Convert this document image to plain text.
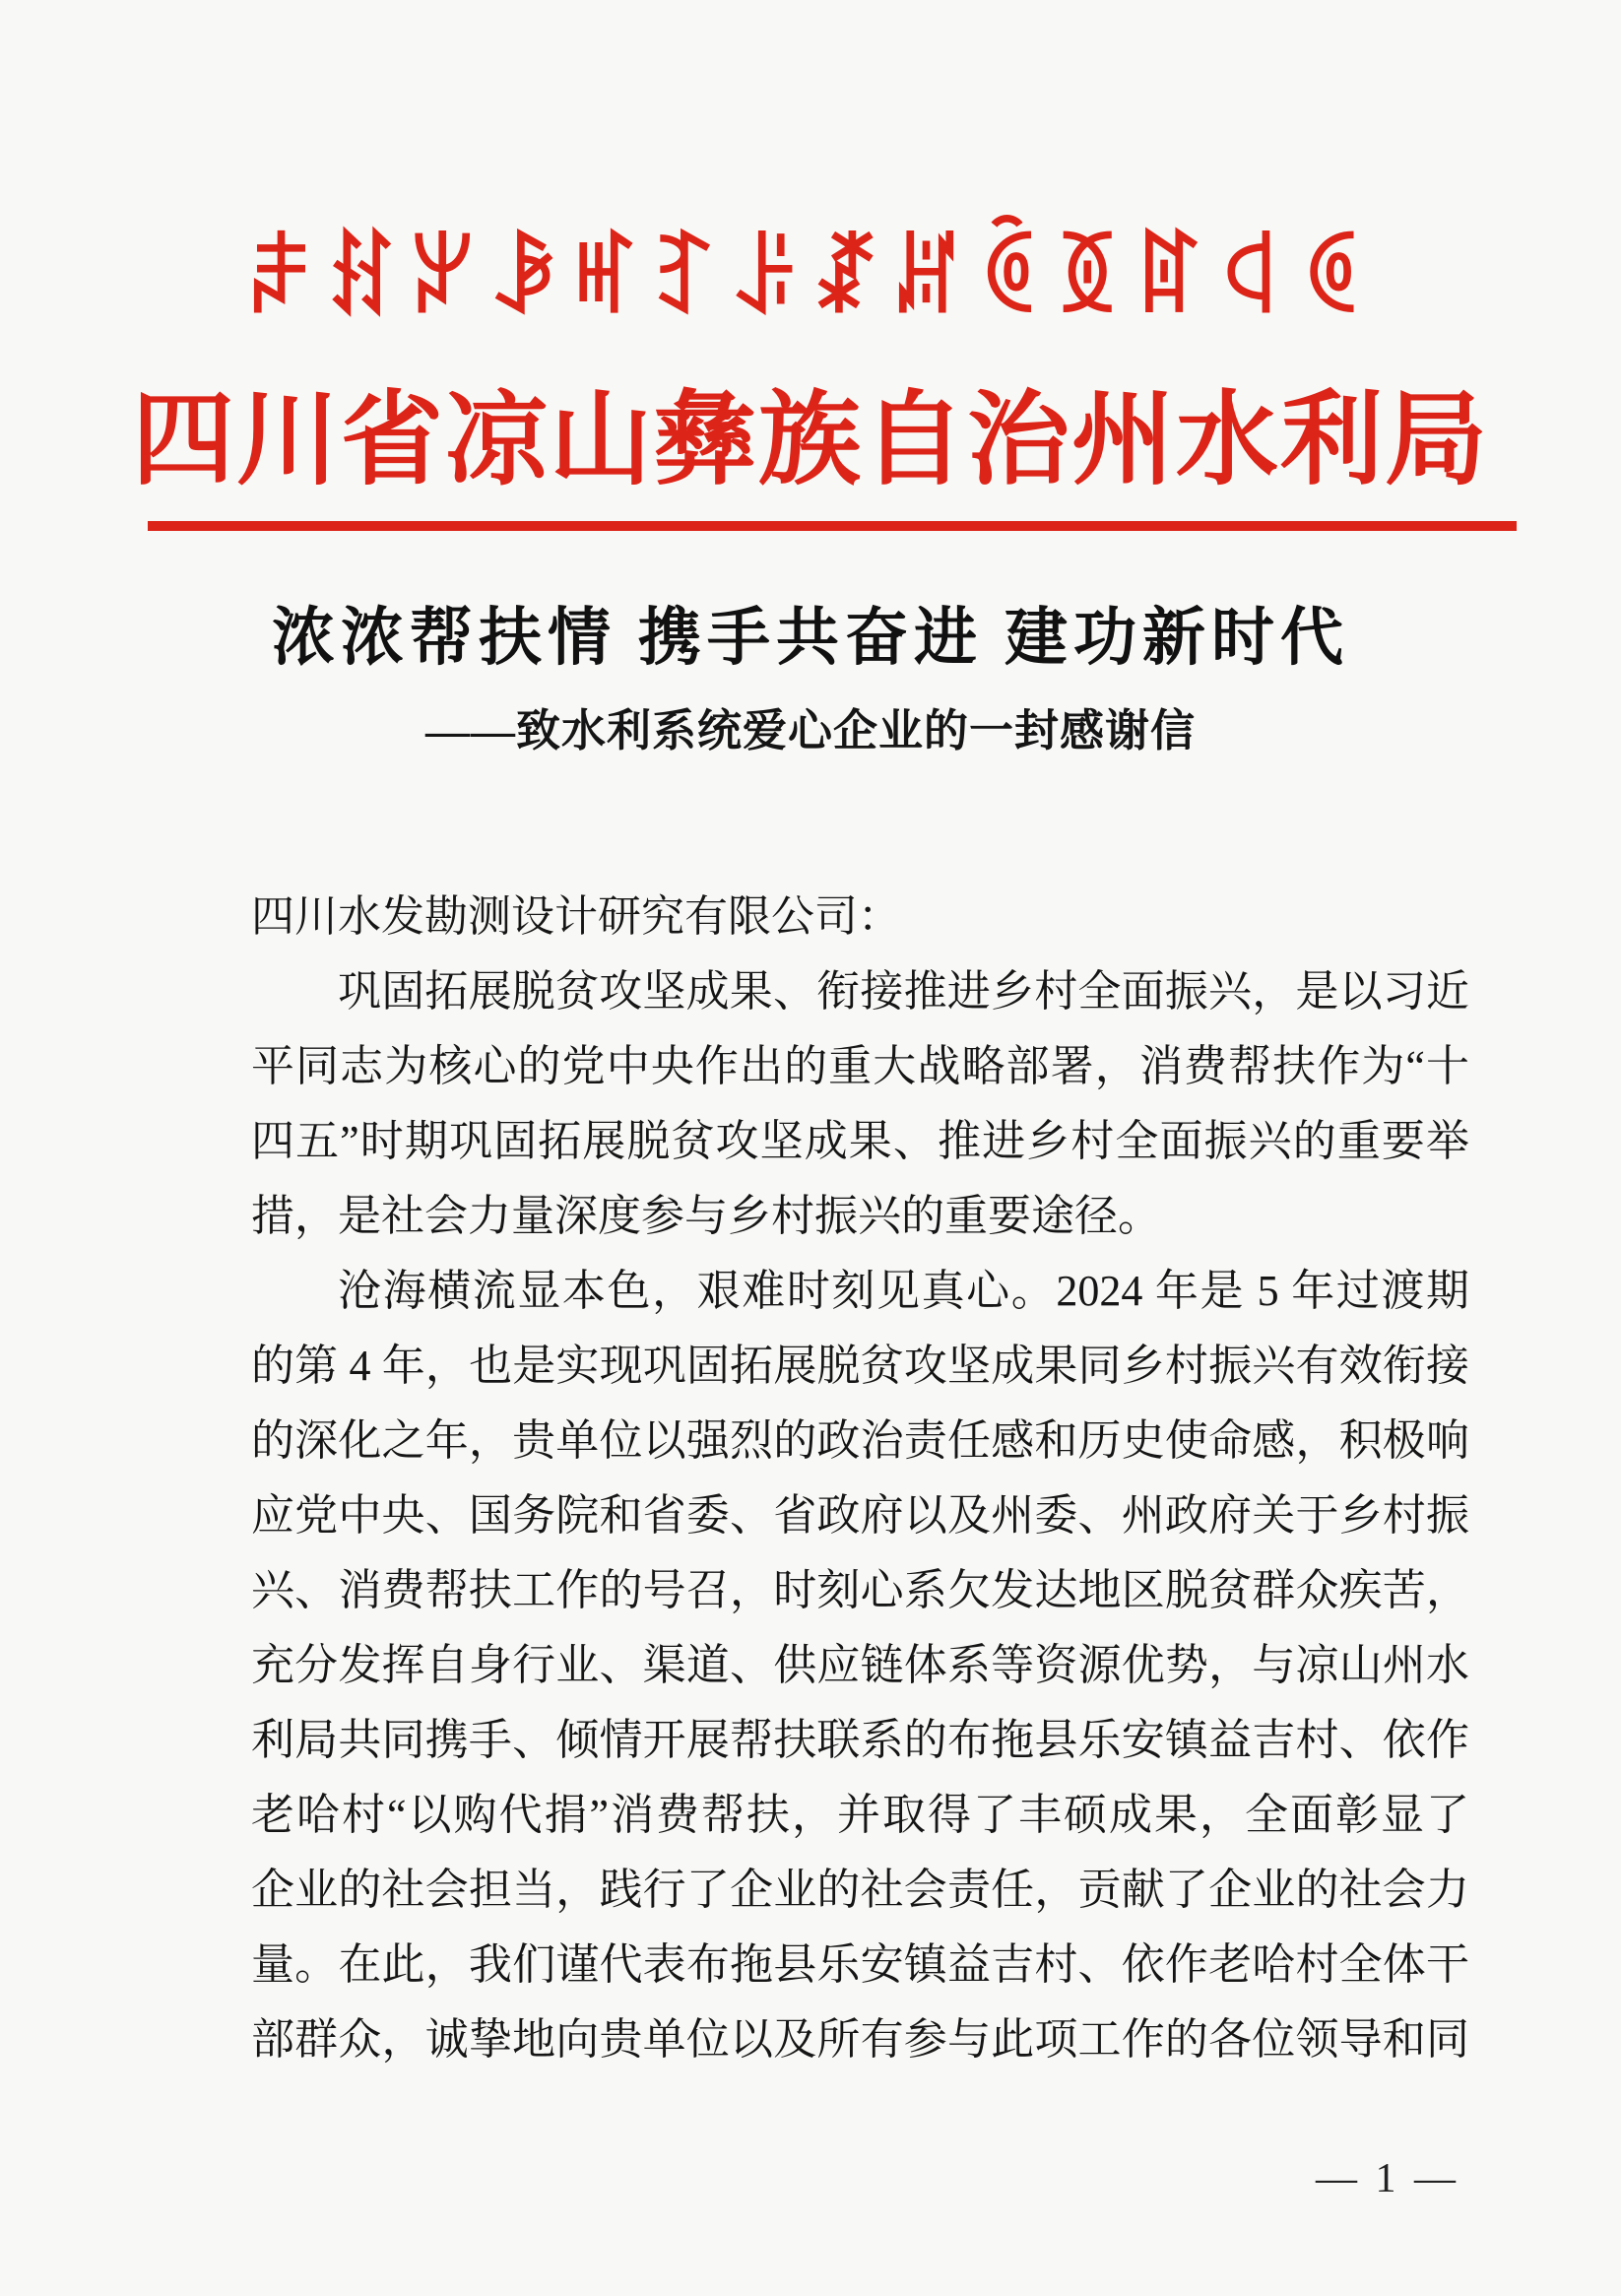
ꌧꍧꏃꆃꎭꆈꌠꊨꏦꏱꅉꍏꒉꏲ
四川省凉山彝族自治州水利局
浓浓帮扶情 携手共奋进 建功新时代
——致水利系统爱心企业的一封感谢信
四川水发勘测设计研究有限公司：
巩固拓展脱贫攻坚成果、衔接推进乡村全面振兴，是以习近
平同志为核心的党中央作出的重大战略部署，消费帮扶作为“十
四五”时期巩固拓展脱贫攻坚成果、推进乡村全面振兴的重要举
措，是社会力量深度参与乡村振兴的重要途径。
沧海横流显本色，艰难时刻见真心。2024 年是 5 年过渡期
的第 4 年，也是实现巩固拓展脱贫攻坚成果同乡村振兴有效衔接
的深化之年，贵单位以强烈的政治责任感和历史使命感，积极响
应党中央、国务院和省委、省政府以及州委、州政府关于乡村振
兴、消费帮扶工作的号召，时刻心系欠发达地区脱贫群众疾苦，
充分发挥自身行业、渠道、供应链体系等资源优势，与凉山州水
利局共同携手、倾情开展帮扶联系的布拖县乐安镇益吉村、依作
老哈村“以购代捐”消费帮扶，并取得了丰硕成果，全面彰显了
企业的社会担当，践行了企业的社会责任，贡献了企业的社会力
量。在此，我们谨代表布拖县乐安镇益吉村、依作老哈村全体干
部群众，诚挚地向贵单位以及所有参与此项工作的各位领导和同
— 1 —
